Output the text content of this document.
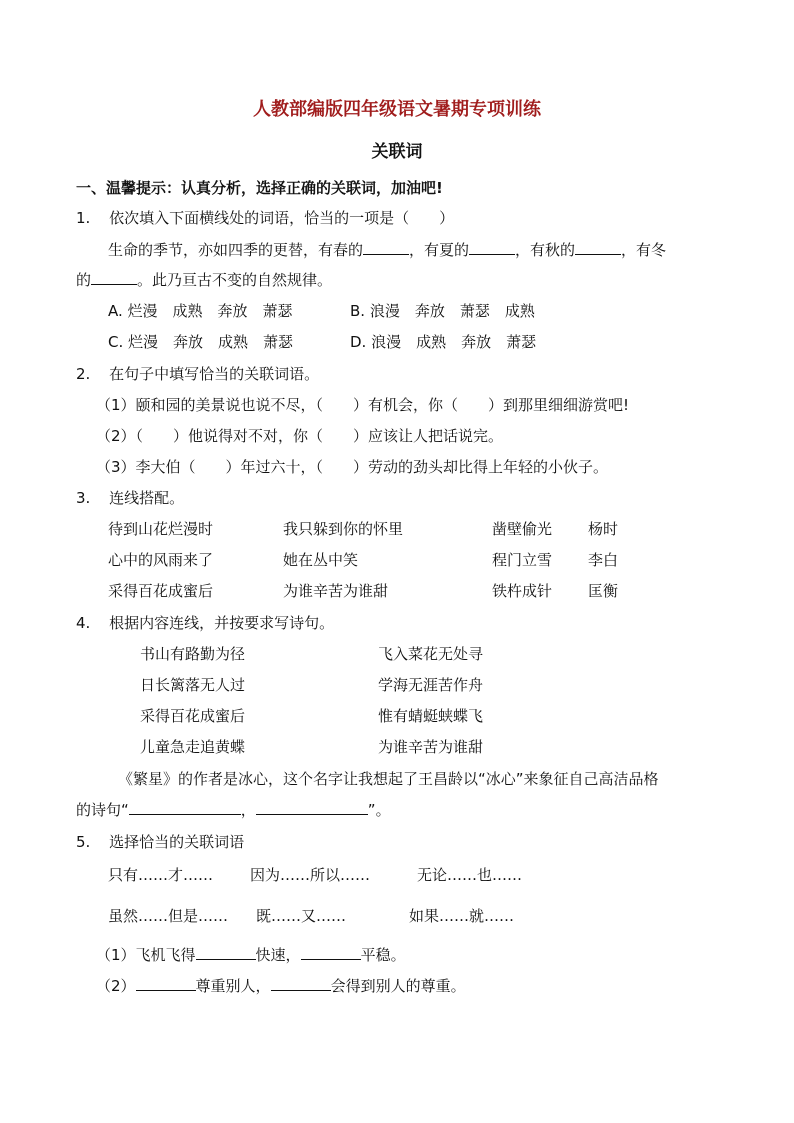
人教部编版四年级语文暑期专项训练
关联词
一、温馨提示：认真分析，选择正确的关联词，加油吧!
1. 依次填入下面横线处的词语，恰当的一项是（　　）
生命的季节，亦如四季的更替，有春的	，有夏的	，有秋的	，有冬
的	。此乃亘古不变的自然规律。
A. 烂漫　成熟　奔放　萧瑟	B. 浪漫　奔放　萧瑟　成熟
C. 烂漫　奔放　成熟　萧瑟	D. 浪漫　成熟　奔放　萧瑟
2. 在句子中填写恰当的关联词语。
（1）颐和园的美景说也说不尽，（　　）有机会，你（　　）到那里细细游赏吧!
（2）（　　）他说得对不对，你（　　）应该让人把话说完。
（3）李大伯（　　）年过六十，（　　）劳动的劲头却比得上年轻的小伙子。
3. 连线搭配。
待到山花烂漫时	我只躲到你的怀里	凿壁偷光 杨时
心中的风雨来了	她在丛中笑	程门立雪 李白
采得百花成蜜后	为谁辛苦为谁甜	铁杵成针 匡衡
4. 根据内容连线，并按要求写诗句。
书山有路勤为径	飞入菜花无处寻
日长篱落无人过	学海无涯苦作舟
采得百花成蜜后	惟有蜻蜓蛱蝶飞
儿童急走追黄蝶	为谁辛苦为谁甜
《繁星》的作者是冰心，这个名字让我想起了王昌龄以“冰心”来象征自己高洁品格
的诗句“	，	”。
5. 选择恰当的关联词语
只有……才…… 因为……所以……	无论……也……
虽然……但是…… 既……又……	如果……就……
（1）飞机飞得	快速，	平稳。
（2）	尊重别人，	会得到别人的尊重。
